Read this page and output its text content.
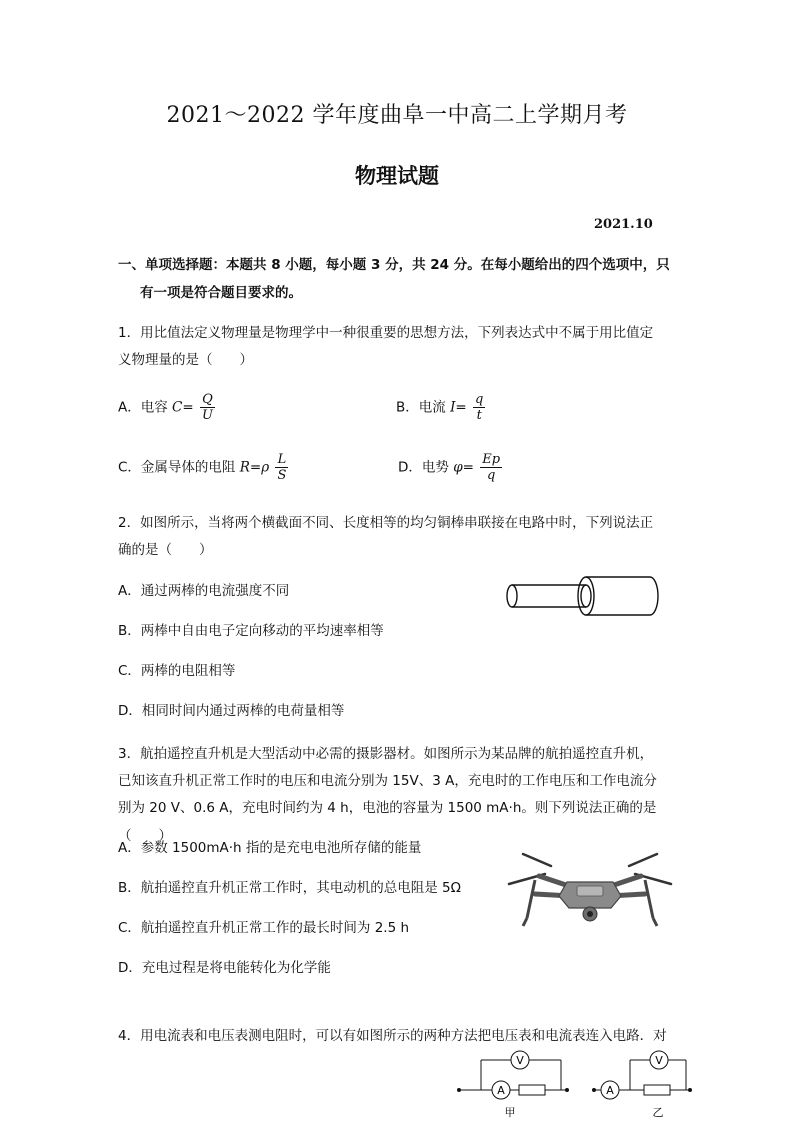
2021～2022 学年度曲阜一中高二上学期月考
物理试题
2021.10
一、单项选择题：本题共 8 小题，每小题 3 分，共 24 分。在每小题给出的四个选项中，只
有一项是符合题目要求的。
1．用比值法定义物理量是物理学中一种很重要的思想方法，下列表达式中不属于用比值定
义物理量的是（　　）
A．电容 $C= \frac{Q}{U}$	B．电流 $I= \frac{q}{t}$
C．金属导体的电阻 $R=\rho \frac{L}{S}$	D．电势 $\varphi= \frac{Ep}{q}$
2．如图所示，当将两个横截面不同、长度相等的均匀铜棒串联接在电路中时，下列说法正
确的是（　　）
A．通过两棒的电流强度不同
B．两棒中自由电子定向移动的平均速率相等
C．两棒的电阻相等
D．相同时间内通过两棒的电荷量相等
3．航拍遥控直升机是大型活动中必需的摄影器材。如图所示为某品牌的航拍遥控直升机，
已知该直升机正常工作时的电压和电流分别为 15V、3 A，充电时的工作电压和工作电流分
别为 20 V、0.6 A，充电时间约为 4 h，电池的容量为 1500 mA·h。则下列说法正确的是（　　）
A．参数 1500mA·h 指的是充电电池所存储的能量
B．航拍遥控直升机正常工作时，其电动机的总电阻是 5Ω
C．航拍遥控直升机正常工作的最长时间为 2.5 h
D．充电过程是将电能转化为化学能
4．用电流表和电压表测电阻时，可以有如图所示的两种方法把电压表和电流表连入电路．对
V
A
甲
V
A
乙
